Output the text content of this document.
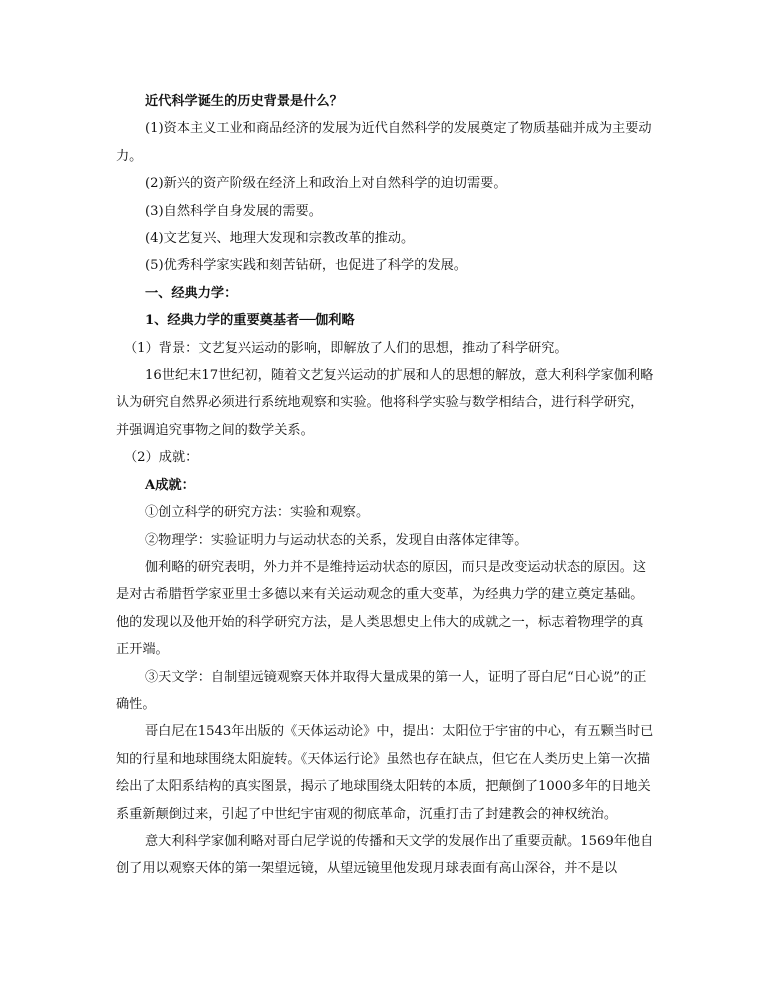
近代科学诞生的历史背景是什么？

(1)资本主义工业和商品经济的发展为近代自然科学的发展奠定了物质基础并成为主要动力。

(2)新兴的资产阶级在经济上和政治上对自然科学的迫切需要。

(3)自然科学自身发展的需要。

(4)文艺复兴、地理大发现和宗教改革的推动。

(5)优秀科学家实践和刻苦钻研，也促进了科学的发展。

一、经典力学：

1、经典力学的重要奠基者──伽利略

（1）背景：文艺复兴运动的影响，即解放了人们的思想，推动了科学研究。

16世纪末17世纪初，随着文艺复兴运动的扩展和人的思想的解放，意大利科学家伽利略认为研究自然界必须进行系统地观察和实验。他将科学实验与数学相结合，进行科学研究，并强调追究事物之间的数学关系。

（2）成就：

A成就：

①创立科学的研究方法：实验和观察。

②物理学：实验证明力与运动状态的关系，发现自由落体定律等。

伽利略的研究表明，外力并不是维持运动状态的原因，而只是改变运动状态的原因。这是对古希腊哲学家亚里士多德以来有关运动观念的重大变革，为经典力学的建立奠定基础。他的发现以及他开始的科学研究方法，是人类思想史上伟大的成就之一，标志着物理学的真正开端。

③天文学：自制望远镜观察天体并取得大量成果的第一人，证明了哥白尼“日心说”的正确性。

哥白尼在1543年出版的《天体运动论》中，提出：太阳位于宇宙的中心，有五颗当时已知的行星和地球围绕太阳旋转。《天体运行论》虽然也存在缺点，但它在人类历史上第一次描绘出了太阳系结构的真实图景，揭示了地球围绕太阳转的本质，把颠倒了1000多年的日地关系重新颠倒过来，引起了中世纪宇宙观的彻底革命，沉重打击了封建教会的神权统治。

意大利科学家伽利略对哥白尼学说的传播和天文学的发展作出了重要贡献。1569年他自创了用以观察天体的第一架望远镜，从望远镜里他发现月球表面有高山深谷，并不是以
